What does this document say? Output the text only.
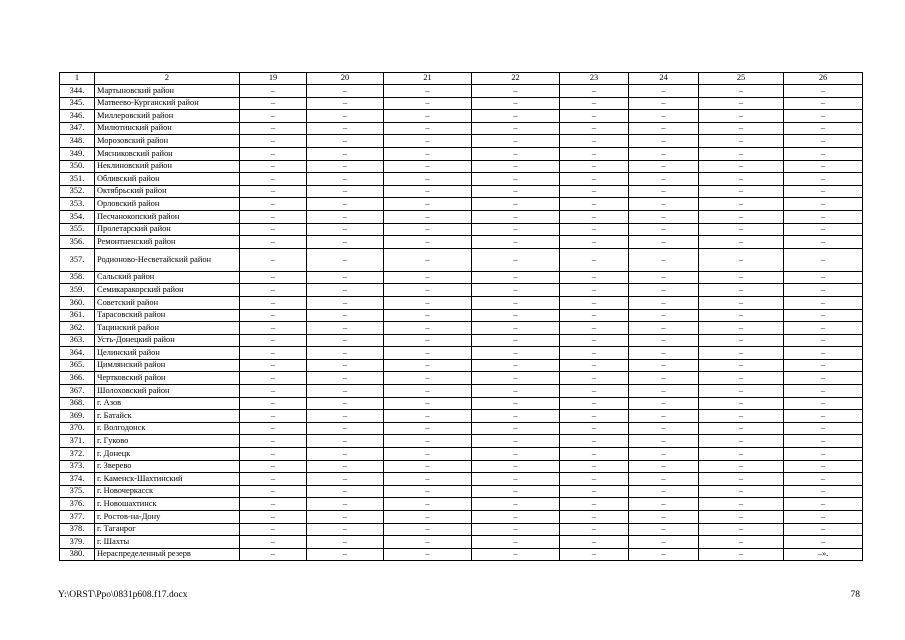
1	2	19	20	21	22	23	24	25	26
344.	Мартыновский район	–	–	–	–	–	–	–	–
345.	Матвеево-Курганский район	–	–	–	–	–	–	–	–
346.	Миллеровский район	–	–	–	–	–	–	–	–
347.	Милютинский район	–	–	–	–	–	–	–	–
348.	Морозовский район	–	–	–	–	–	–	–	–
349.	Мясниковский район	–	–	–	–	–	–	–	–
350.	Неклиновский район	–	–	–	–	–	–	–	–
351.	Обливский район	–	–	–	–	–	–	–	–
352.	Октябрьский район	–	–	–	–	–	–	–	–
353.	Орловский район	–	–	–	–	–	–	–	–
354.	Песчанокопский район	–	–	–	–	–	–	–	–
355.	Пролетарский район	–	–	–	–	–	–	–	–
356.	Ремонтненский район	–	–	–	–	–	–	–	–
357.	Родионово-Несветайский район	–	–	–	–	–	–	–	–
358.	Сальский район	–	–	–	–	–	–	–	–
359.	Семикаракорский район	–	–	–	–	–	–	–	–
360.	Советский район	–	–	–	–	–	–	–	–
361.	Тарасовский район	–	–	–	–	–	–	–	–
362.	Тацинский район	–	–	–	–	–	–	–	–
363.	Усть-Донецкий район	–	–	–	–	–	–	–	–
364.	Целинский район	–	–	–	–	–	–	–	–
365.	Цимлянский район	–	–	–	–	–	–	–	–
366.	Чертковский район	–	–	–	–	–	–	–	–
367.	Шолоховский район	–	–	–	–	–	–	–	–
368.	г. Азов	–	–	–	–	–	–	–	–
369.	г. Батайск	–	–	–	–	–	–	–	–
370.	г. Волгодонск	–	–	–	–	–	–	–	–
371.	г. Гуково	–	–	–	–	–	–	–	–
372.	г. Донецк	–	–	–	–	–	–	–	–
373.	г. Зверево	–	–	–	–	–	–	–	–
374.	г. Каменск-Шахтинский	–	–	–	–	–	–	–	–
375.	г. Новочеркасск	–	–	–	–	–	–	–	–
376.	г. Новошахтинск	–	–	–	–	–	–	–	–
377.	г. Ростов-на-Дону	–	–	–	–	–	–	–	–
378.	г. Таганрог	–	–	–	–	–	–	–	–
379.	г. Шахты	–	–	–	–	–	–	–	–
380.	Нераспределенный резерв	–	–	–	–	–	–	–	–».
Y:\ORST\Ppo\0831p608.f17.docx	78
